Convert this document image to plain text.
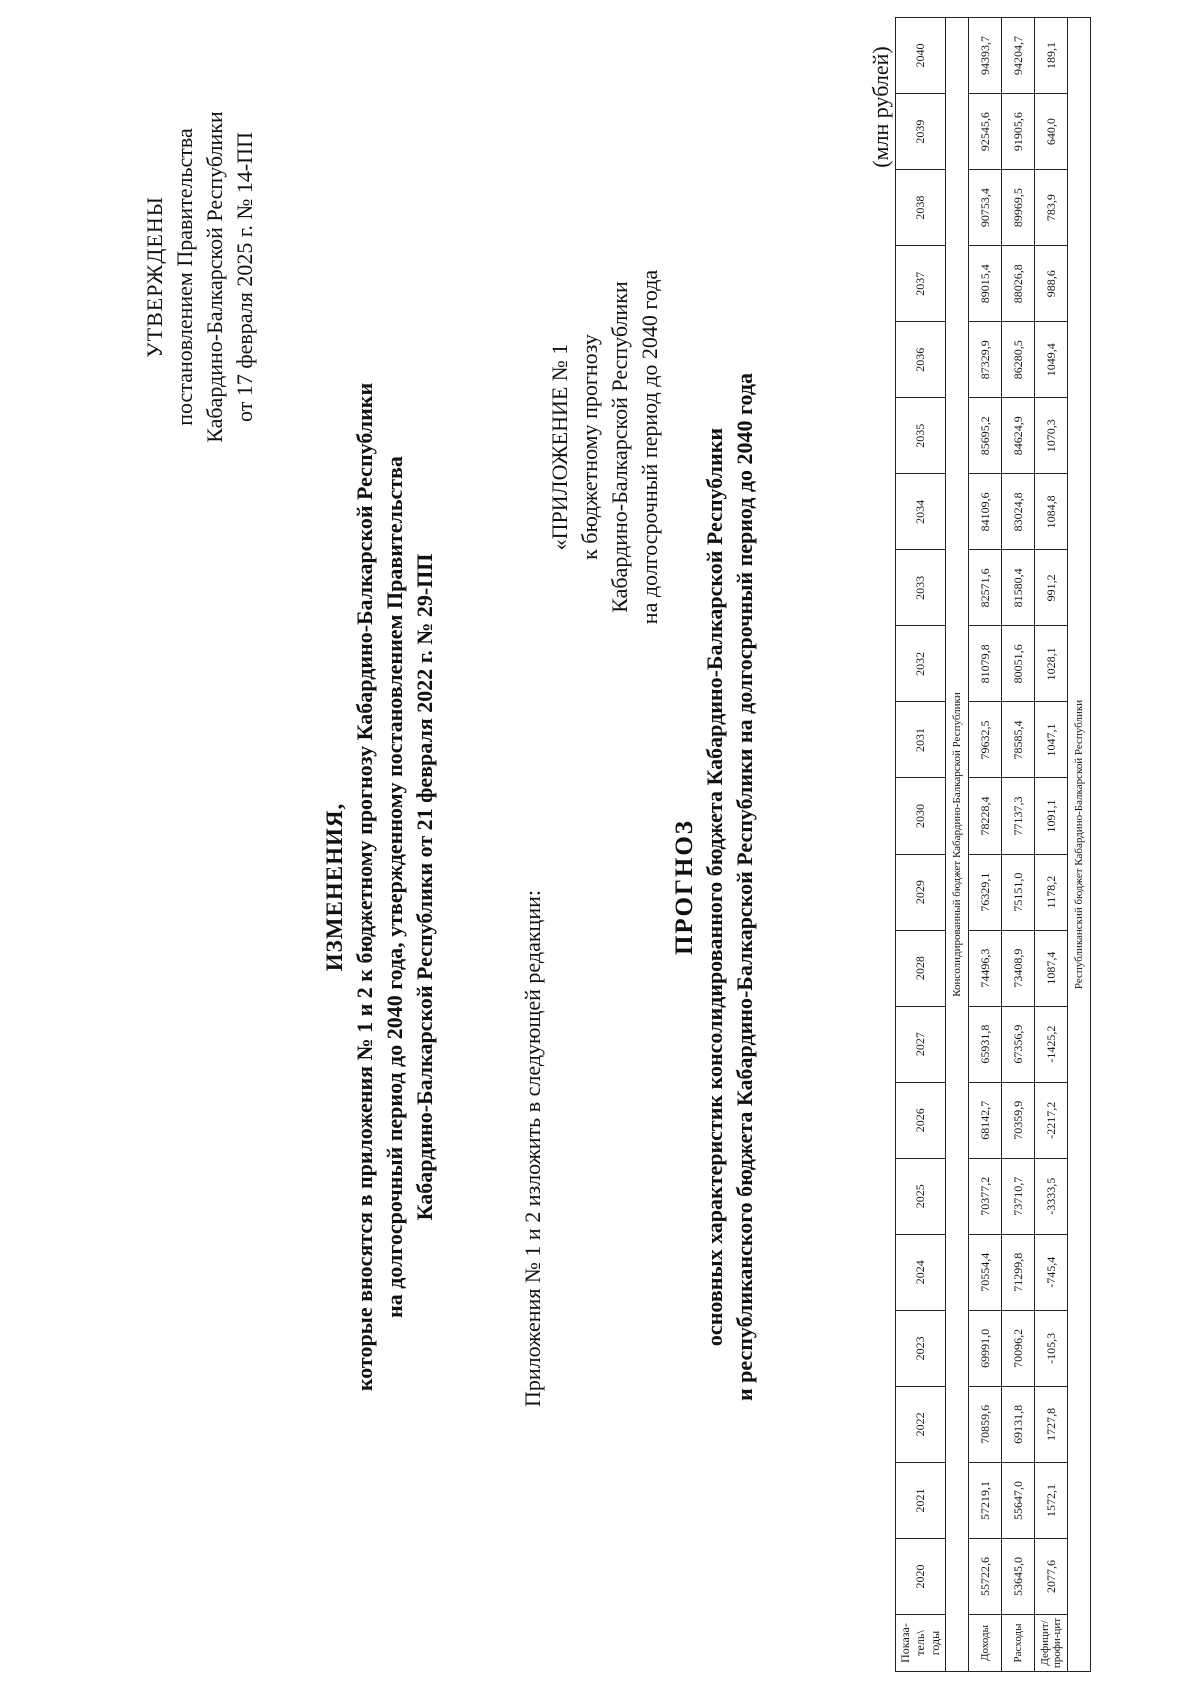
УТВЕРЖДЕНЫ постановлением Правительства Кабардино-Балкарской Республики от 17 февраля 2025 г. № 14-ПП
ИЗМЕНЕНИЯ, которые вносятся в приложения № 1 и 2 к бюджетному прогнозу Кабардино-Балкарской Республики на долгосрочный период до 2040 года, утвержденному постановлением Правительства Кабардино-Балкарской Республики от 21 февраля 2022 г. № 29-ПП	Приложения № 1 и 2 изложить в следующей редакции:
«ПРИЛОЖЕНИЕ № 1 к бюджетному прогнозу Кабардино-Балкарской Республики на долгосрочный период до 2040 года
ПРОГНОЗ основных характеристик консолидированного бюджета Кабардино-Балкарской Республики и республиканского бюджета Кабардино-Балкарской Республики на долгосрочный период до 2040 года
(млн рублей)
Показа-тель\ годы	2020	2021	2022	2023	2024	2025	2026	2027	2028	2029	2030	2031	2032	2033	2034	2035	2036	2037	2038	2039	2040
Консолидированный бюджет Кабардино-Балкарской Республики																					
Доходы	55722,6	57219,1	70859,6	69991,0	70554,4	70377,2	68142,7	65931,8	74496,3	76329,1	78228,4	79632,5	81079,8	82571,6	84109,6	85695,2	87329,9	89015,4	90753,4	92545,6	94393,7
Расходы	53645,0	55647,0	69131,8	70096,2	71299,8	73710,7	70359,9	67356,9	73408,9	75151,0	77137,3	78585,4	80051,6	81580,4	83024,8	84624,9	86280,5	88026,8	89969,5	91905,6	94204,7
Дефицит/ профи-цит	2077,6	1572,1	1727,8	-105,3	-745,4	-3333,5	-2217,2	-1425,2	1087,4	1178,2	1091,1	1047,1	1028,1	991,2	1084,8	1070,3	1049,4	988,6	783,9	640,0	189,1
Республиканский бюджет Кабардино-Балкарской Республики																					
